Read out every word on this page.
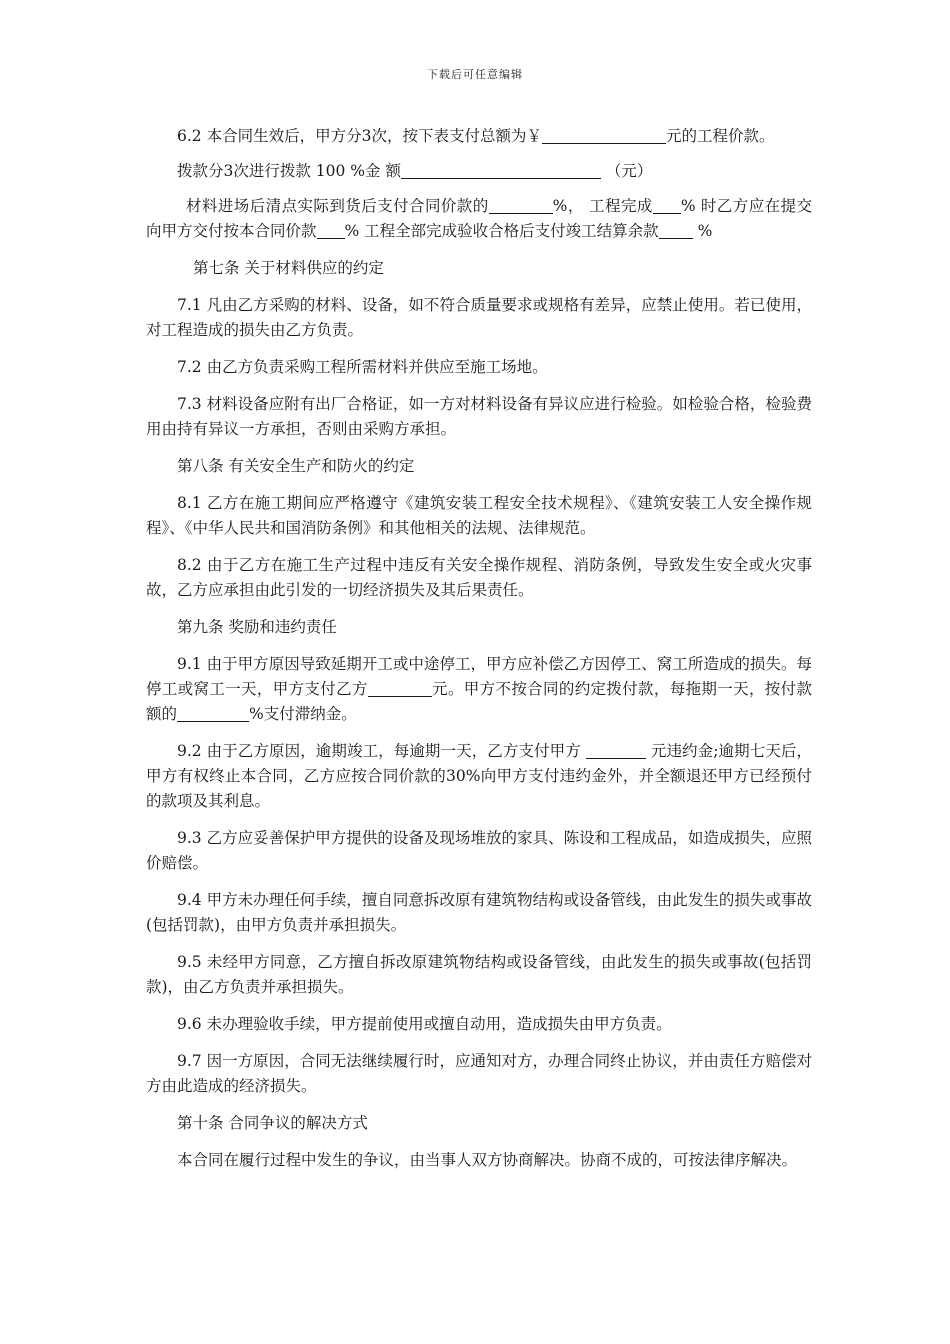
下载后可任意编辑

6.2 本合同生效后，甲方分3次，按下表支付总额为￥	元的工程价款。

拨款分3次进行拨款 100 %金 额	（元）

材料进场后清点实际到货后支付合同价款的	%， 工程完成 % 时乙方应在提交向甲方交付按本合同价款 % 工程全部完成验收合格后支付竣工结算余款 %

第七条 关于材料供应的约定

7.1 凡由乙方采购的材料、设备，如不符合质量要求或规格有差异，应禁止使用。若已使用，对工程造成的损失由乙方负责。

7.2 由乙方负责采购工程所需材料并供应至施工场地。

7.3 材料设备应附有出厂合格证，如一方对材料设备有异议应进行检验。如检验合格，检验费用由持有异议一方承担，否则由采购方承担。

第八条 有关安全生产和防火的约定

8.1 乙方在施工期间应严格遵守《建筑安装工程安全技术规程》、《建筑安装工人安全操作规程》、《中华人民共和国消防条例》和其他相关的法规、法律规范。

8.2 由于乙方在施工生产过程中违反有关安全操作规程、消防条例，导致发生安全或火灾事故，乙方应承担由此引发的一切经济损失及其后果责任。

第九条 奖励和违约责任

9.1 由于甲方原因导致延期开工或中途停工，甲方应补偿乙方因停工、窝工所造成的损失。每停工或窝工一天，甲方支付乙方	元。甲方不按合同的约定拨付款，每拖期一天，按付款额的	%支付滞纳金。

9.2 由于乙方原因，逾期竣工，每逾期一天，乙方支付甲方	元违约金;逾期七天后，甲方有权终止本合同，乙方应按合同价款的30%向甲方支付违约金外，并全额退还甲方已经预付的款项及其利息。

9.3 乙方应妥善保护甲方提供的设备及现场堆放的家具、陈设和工程成品，如造成损失，应照价赔偿。

9.4 甲方未办理任何手续，擅自同意拆改原有建筑物结构或设备管线，由此发生的损失或事故(包括罚款)，由甲方负责并承担损失。

9.5 未经甲方同意，乙方擅自拆改原建筑物结构或设备管线，由此发生的损失或事故(包括罚款)，由乙方负责并承担损失。

9.6 未办理验收手续，甲方提前使用或擅自动用，造成损失由甲方负责。

9.7 因一方原因，合同无法继续履行时，应通知对方，办理合同终止协议，并由责任方赔偿对方由此造成的经济损失。

第十条 合同争议的解决方式

本合同在履行过程中发生的争议，由当事人双方协商解决。协商不成的，可按法律序解决。
